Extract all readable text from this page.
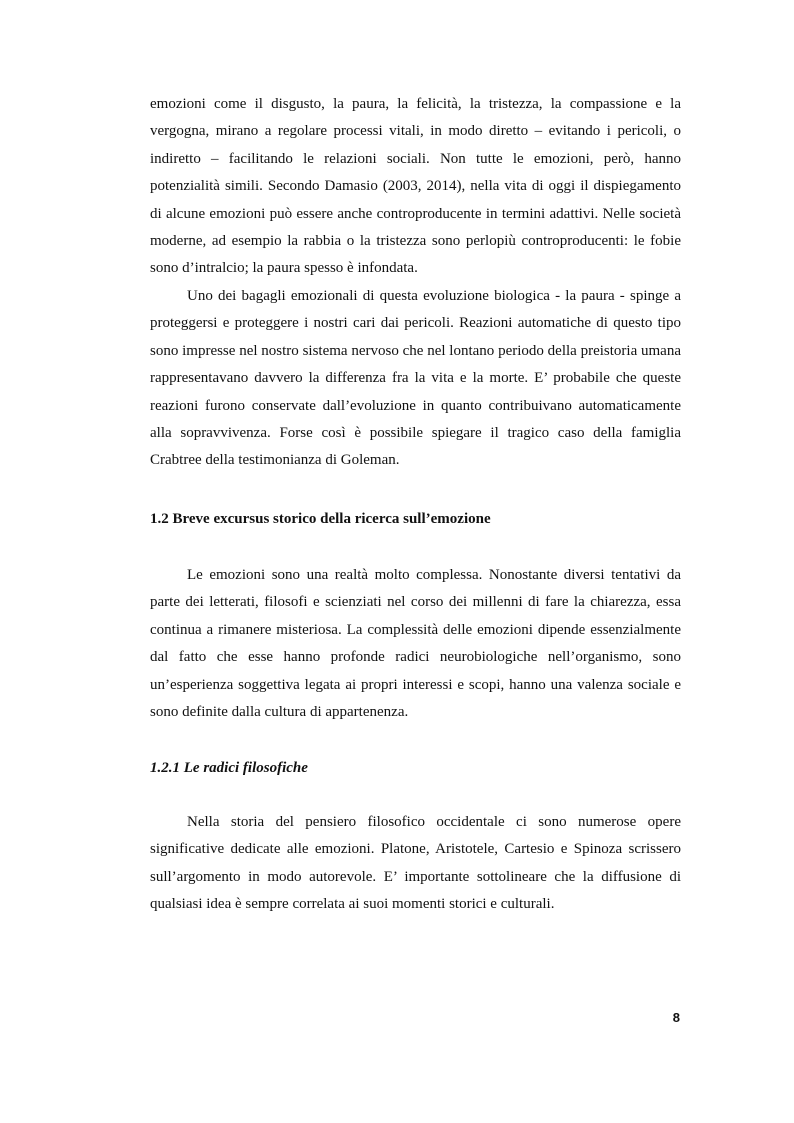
emozioni come il disgusto, la paura, la felicità, la tristezza, la compassione e la vergogna, mirano a regolare processi vitali, in modo diretto – evitando i pericoli, o indiretto – facilitando le relazioni sociali. Non tutte le emozioni, però, hanno potenzialità simili. Secondo Damasio (2003, 2014), nella vita di oggi il dispiegamento di alcune emozioni può essere anche controproducente in termini adattivi. Nelle società moderne, ad esempio la rabbia o la tristezza sono perlopiù controproducenti: le fobie sono d’intralcio; la paura spesso è infondata.

Uno dei bagagli emozionali di questa evoluzione biologica - la paura - spinge a proteggersi e proteggere i nostri cari dai pericoli. Reazioni automatiche di questo tipo sono impresse nel nostro sistema nervoso che nel lontano periodo della preistoria umana rappresentavano davvero la differenza fra la vita e la morte. E’ probabile che queste reazioni furono conservate dall’evoluzione in quanto contribuivano automaticamente alla sopravvivenza. Forse così è possibile spiegare il tragico caso della famiglia Crabtree della testimonianza di Goleman.

1.2 Breve excursus storico della ricerca sull’emozione

Le emozioni sono una realtà molto complessa. Nonostante diversi tentativi da parte dei letterati, filosofi e scienziati nel corso dei millenni di fare la chiarezza, essa continua a rimanere misteriosa. La complessità delle emozioni dipende essenzialmente dal fatto che esse hanno profonde radici neurobiologiche nell’organismo, sono un’esperienza soggettiva legata ai propri interessi e scopi, hanno una valenza sociale e sono definite dalla cultura di appartenenza.

1.2.1 Le radici filosofiche

Nella storia del pensiero filosofico occidentale ci sono numerose opere significative dedicate alle emozioni. Platone, Aristotele, Cartesio e Spinoza scrissero sull’argomento in modo autorevole. E’ importante sottolineare che la diffusione di qualsiasi idea è sempre correlata ai suoi momenti storici e culturali.

8
